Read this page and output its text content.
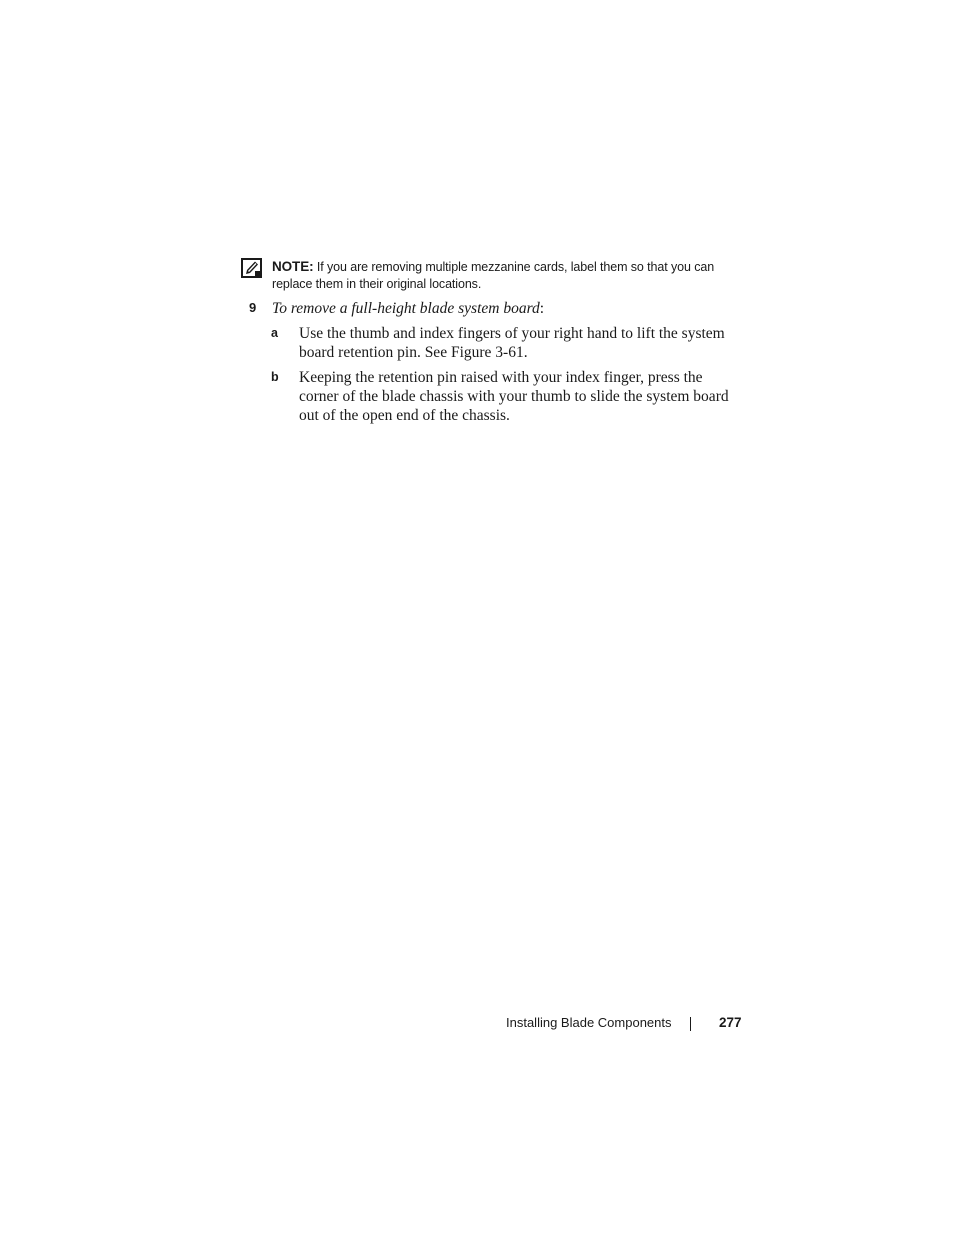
NOTE: If you are removing multiple mezzanine cards, label them so that you can replace them in their original locations.
9 To remove a full-height blade system board:
a Use the thumb and index fingers of your right hand to lift the system board retention pin. See Figure 3-61.
b Keeping the retention pin raised with your index finger, press the corner of the blade chassis with your thumb to slide the system board out of the open end of the chassis.
Installing Blade Components	277
